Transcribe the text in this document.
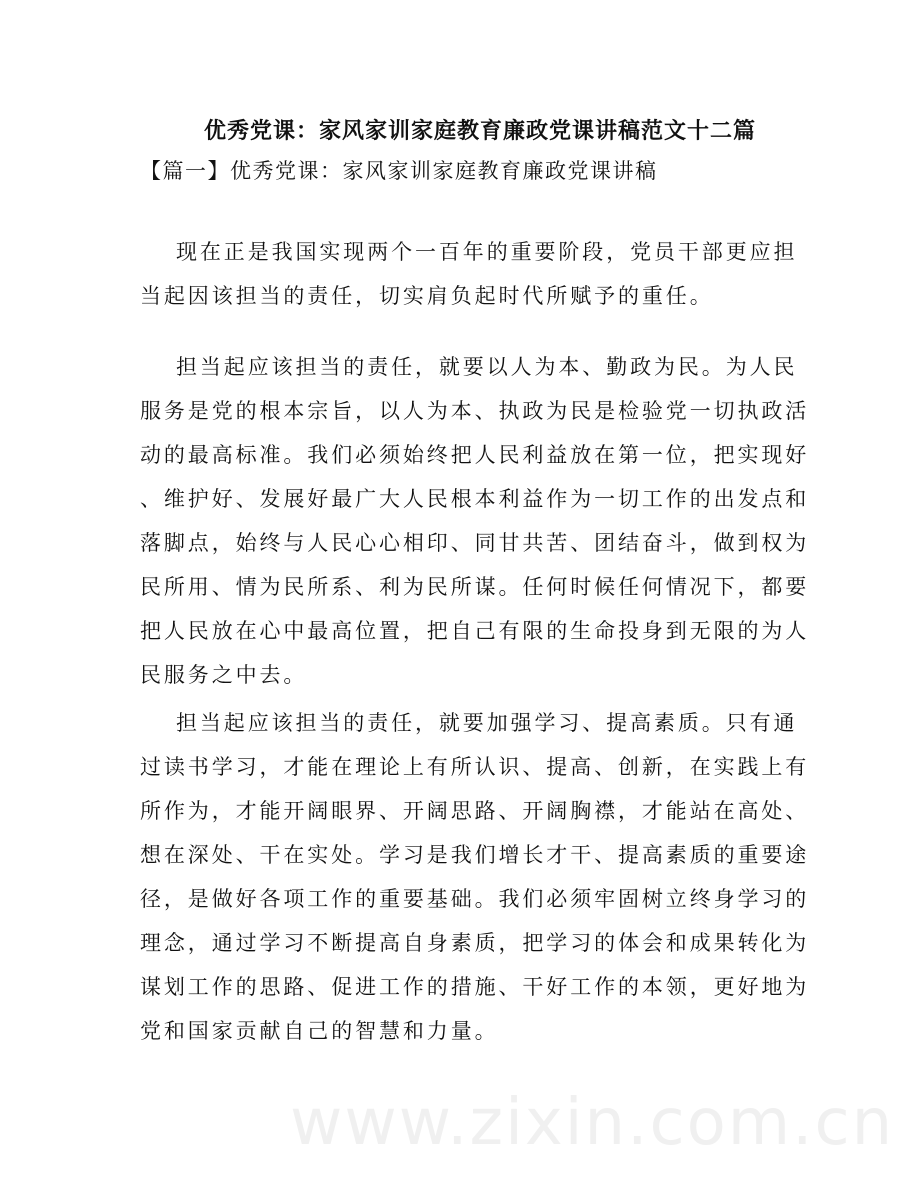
优秀党课：家风家训家庭教育廉政党课讲稿范文十二篇
【篇一】优秀党课：家风家训家庭教育廉政党课讲稿
现在正是我国实现两个一百年的重要阶段，党员干部更应担
当起因该担当的责任，切实肩负起时代所赋予的重任。
担当起应该担当的责任，就要以人为本、勤政为民。为人民
服务是党的根本宗旨，以人为本、执政为民是检验党一切执政活
动的最高标准。我们必须始终把人民利益放在第一位，把实现好
、维护好、发展好最广大人民根本利益作为一切工作的出发点和
落脚点，始终与人民心心相印、同甘共苦、团结奋斗，做到权为
民所用、情为民所系、利为民所谋。任何时候任何情况下，都要
把人民放在心中最高位置，把自己有限的生命投身到无限的为人
民服务之中去。
担当起应该担当的责任，就要加强学习、提高素质。只有通
过读书学习，才能在理论上有所认识、提高、创新，在实践上有
所作为，才能开阔眼界、开阔思路、开阔胸襟，才能站在高处、
想在深处、干在实处。学习是我们增长才干、提高素质的重要途
径，是做好各项工作的重要基础。我们必须牢固树立终身学习的
理念，通过学习不断提高自身素质，把学习的体会和成果转化为
谋划工作的思路、促进工作的措施、干好工作的本领，更好地为
党和国家贡献自己的智慧和力量。
www.zixin.com.cn
